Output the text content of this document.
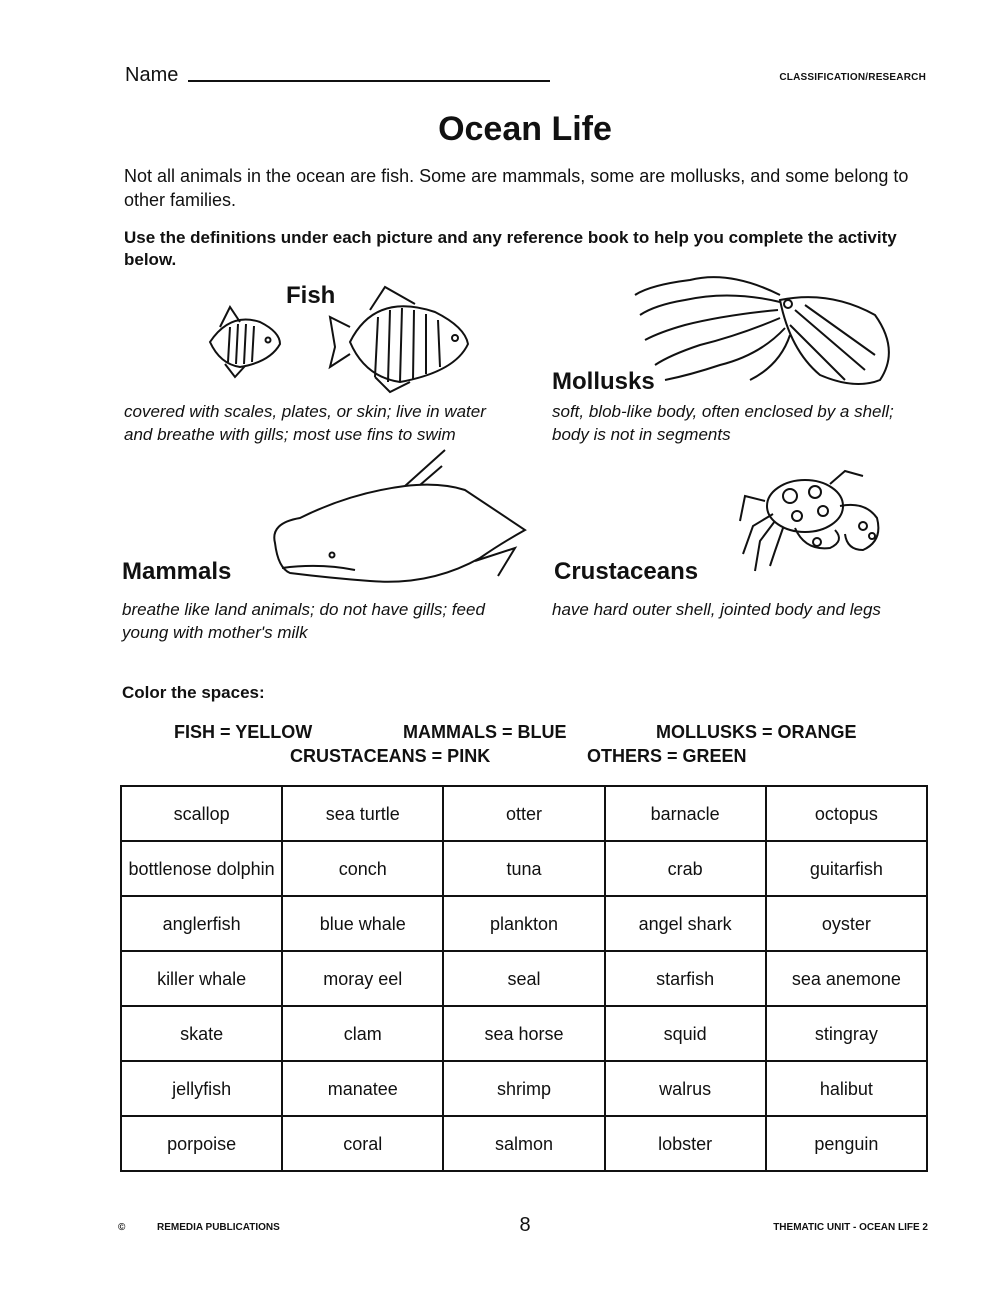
Name	CLASSIFICATION/RESEARCH
Ocean Life
Not all animals in the ocean are fish. Some are mammals, some are mollusks, and some belong to other families.
Use the definitions under each picture and any reference book to help you complete the activity below.
Fish
covered with scales, plates, or skin; live in water and breathe with gills; most use fins to swim
Mollusks
soft, blob-like body, often enclosed by a shell; body is not in segments
Mammals
breathe like land animals; do not have gills; feed young with mother's milk
Crustaceans
have hard outer shell, jointed body and legs
Color the spaces:
FISH = YELLOW	MAMMALS = BLUE	MOLLUSKS = ORANGE
CRUSTACEANS = PINK	OTHERS = GREEN
scallop	sea turtle	otter	barnacle	octopus
bottlenose dolphin	conch	tuna	crab	guitarfish
anglerfish	blue whale	plankton	angel shark	oyster
killer whale	moray eel	seal	starfish	sea anemone
skate	clam	sea horse	squid	stingray
jellyfish	manatee	shrimp	walrus	halibut
porpoise	coral	salmon	lobster	penguin
©	REMEDIA PUBLICATIONS	8	THEMATIC UNIT - OCEAN LIFE 2
